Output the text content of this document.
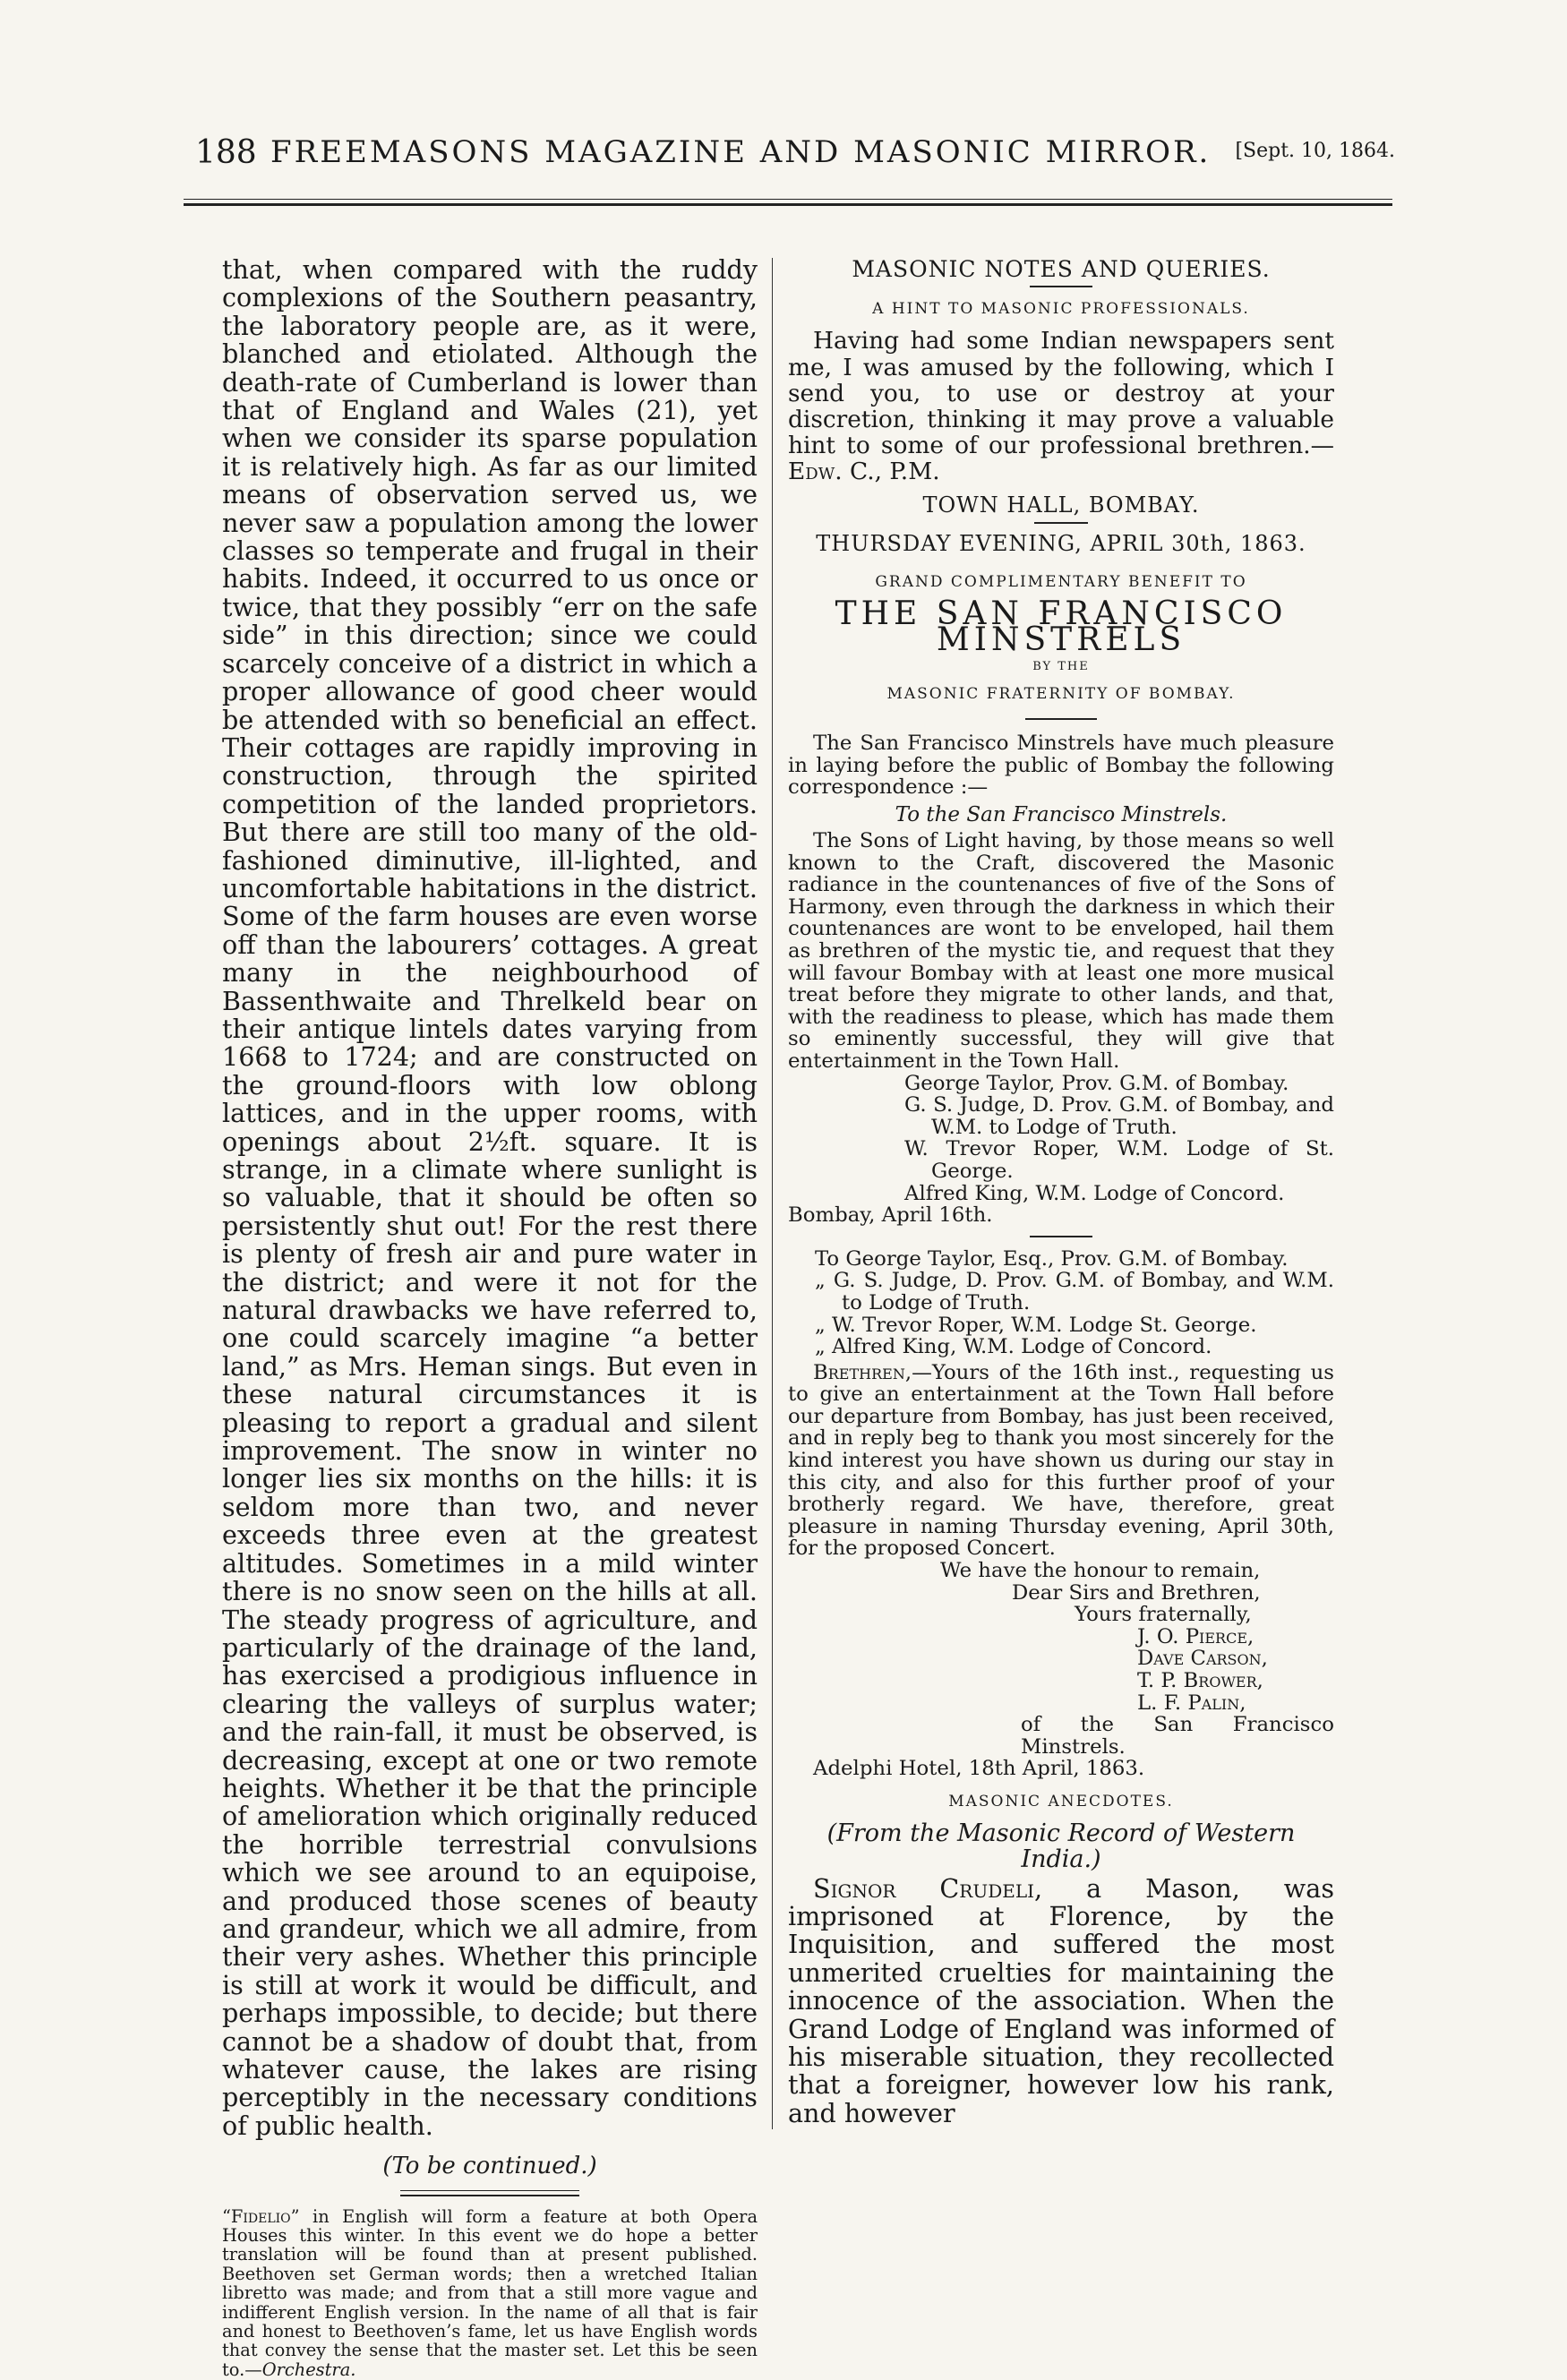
188 FREEMASONS MAGAZINE AND MASONIC MIRROR. [Sept. 10, 1864.

that, when compared with the ruddy complexions of the Southern peasantry, the laboratory people are, as it were, blanched and etiolated. Although the death-rate of Cumberland is lower than that of England and Wales (21), yet when we consider its sparse population it is relatively high. As far as our limited means of observation served us, we never saw a population among the lower classes so temperate and frugal in their habits. Indeed, it occurred to us once or twice, that they possibly “err on the safe side” in this direction; since we could scarcely conceive of a district in which a proper allowance of good cheer would be attended with so beneficial an effect. Their cottages are rapidly improving in construction, through the spirited competition of the landed proprietors. But there are still too many of the old-fashioned diminutive, ill-lighted, and uncomfortable habitations in the district. Some of the farm houses are even worse off than the labourers’ cottages. A great many in the neighbourhood of Bassenthwaite and Threlkeld bear on their antique lintels dates varying from 1668 to 1724; and are constructed on the ground-floors with low oblong lattices, and in the upper rooms, with openings about 2½ft. square. It is strange, in a climate where sunlight is so valuable, that it should be often so persistently shut out! For the rest there is plenty of fresh air and pure water in the district; and were it not for the natural drawbacks we have referred to, one could scarcely imagine “a better land,” as Mrs. Heman sings. But even in these natural circumstances it is pleasing to report a gradual and silent improvement. The snow in winter no longer lies six months on the hills: it is seldom more than two, and never exceeds three even at the greatest altitudes. Sometimes in a mild winter there is no snow seen on the hills at all. The steady progress of agriculture, and particularly of the drainage of the land, has exercised a prodigious influence in clearing the valleys of surplus water; and the rain-fall, it must be observed, is decreasing, except at one or two remote heights. Whether it be that the principle of amelioration which originally reduced the horrible terrestrial convulsions which we see around to an equipoise, and produced those scenes of beauty and grandeur, which we all admire, from their very ashes. Whether this principle is still at work it would be difficult, and perhaps impossible, to decide; but there cannot be a shadow of doubt that, from whatever cause, the lakes are rising perceptibly in the necessary conditions of public health.

(To be continued.)
“Fidelio” in English will form a feature at both Opera Houses this winter. In this event we do hope a better translation will be found than at present published. Beethoven set German words; then a wretched Italian libretto was made; and from that a still more vague and indifferent English version. In the name of all that is fair and honest to Beethoven’s fame, let us have English words that convey the sense that the master set. Let this be seen to.—Orchestra.
MASONIC NOTES AND QUERIES.
A HINT TO MASONIC PROFESSIONALS.

Having had some Indian newspapers sent me, I was amused by the following, which I send you, to use or destroy at your discretion, thinking it may prove a valuable hint to some of our professional brethren.—Edw. C., P.M.

TOWN HALL, BOMBAY.
THURSDAY EVENING, APRIL 30th, 1863.
GRAND COMPLIMENTARY BENEFIT TO
THE SAN FRANCISCO MINSTRELS
BY THE
MASONIC FRATERNITY OF BOMBAY.

The San Francisco Minstrels have much pleasure in laying before the public of Bombay the following correspondence :—

To the San Francisco Minstrels.

The Sons of Light having, by those means so well known to the Craft, discovered the Masonic radiance in the countenances of five of the Sons of Harmony, even through the darkness in which their countenances are wont to be enveloped, hail them as brethren of the mystic tie, and request that they will favour Bombay with at least one more musical treat before they migrate to other lands, and that, with the readiness to please, which has made them so eminently successful, they will give that entertainment in the Town Hall.

George Taylor, Prov. G.M. of Bombay.

G. S. Judge, D. Prov. G.M. of Bombay, and W.M. to Lodge of Truth.

W. Trevor Roper, W.M. Lodge of St. George.

Alfred King, W.M. Lodge of Concord.

Bombay, April 16th.

To George Taylor, Esq., Prov. G.M. of Bombay.

„ G. S. Judge, D. Prov. G.M. of Bombay, and W.M. to Lodge of Truth.

„ W. Trevor Roper, W.M. Lodge St. George.

„ Alfred King, W.M. Lodge of Concord.

Brethren,—Yours of the 16th inst., requesting us to give an entertainment at the Town Hall before our departure from Bombay, has just been received, and in reply beg to thank you most sincerely for the kind interest you have shown us during our stay in this city, and also for this further proof of your brotherly regard. We have, therefore, great pleasure in naming Thursday evening, April 30th, for the proposed Concert.

We have the honour to remain,

Dear Sirs and Brethren,

Yours fraternally,

J. O. Pierce,

Dave Carson,

T. P. Brower,

L. F. Palin,

of the San Francisco Minstrels.

Adelphi Hotel, 18th April, 1863.

MASONIC ANECDOTES.
(From the Masonic Record of Western India.)

Signor Crudeli, a Mason, was imprisoned at Florence, by the Inquisition, and suffered the most unmerited cruelties for maintaining the innocence of the association. When the Grand Lodge of England was informed of his miserable situation, they recollected that a foreigner, however low his rank, and however
